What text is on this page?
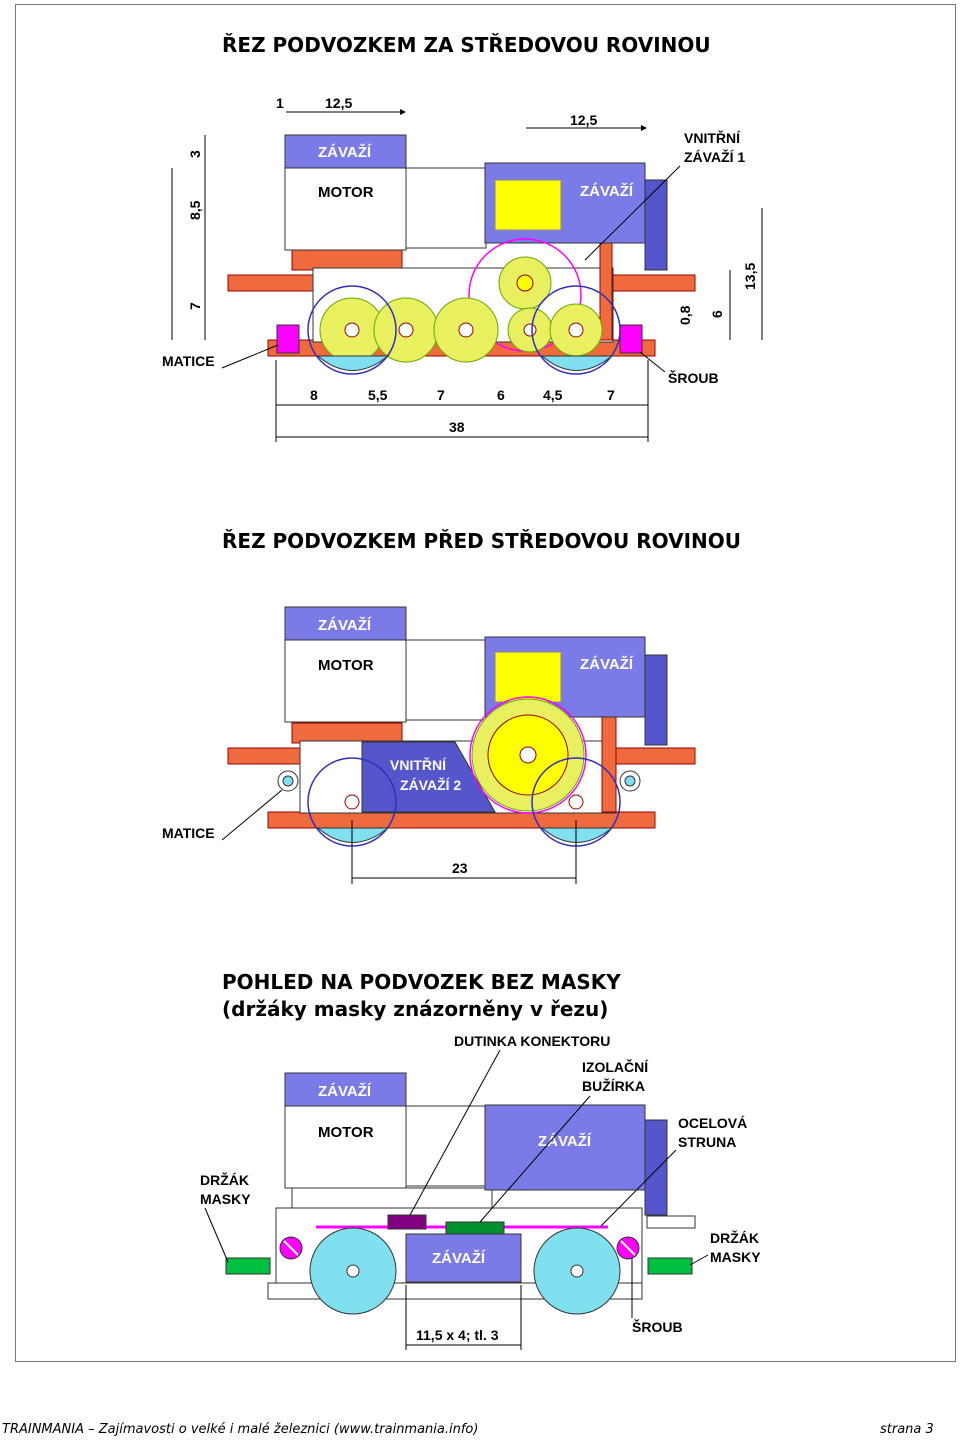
ŘEZ PODVOZKEM ZA STŘEDOVOU ROVINOU
ZÁVAŽÍ
MOTOR	ZÁVAŽÍ
MATICE
ŠROUB
VNITŘNÍ
ZÁVAŽÍ 1
1	12,5
12,5
3
8,5
7	0,8 6
13,5
8	5,5	7	6	4,5	7
38
ŘEZ PODVOZKEM PŘED STŘEDOVOU ROVINOU
ZÁVAŽÍ
MOTOR	ZÁVAŽÍ
VNITŘNÍ
ZÁVAŽÍ 2
MATICE
23
POHLED NA PODVOZEK BEZ MASKY
(držáky masky znázorněny v řezu)
ZÁVAŽÍ
MOTOR
ZÁVAŽÍ
ZÁVAŽÍ
DUTINKA KONEKTORU
IZOLAČNÍ
BUŽÍRKA
OCELOVÁ
STRUNA
DRŽÁK
MASKY
DRŽÁK
MASKY
ŠROUB
11,5 x 4; tl. 3
TRAINMANIA – Zajímavosti o velké i malé železnici (www.trainmania.info)	strana 3
